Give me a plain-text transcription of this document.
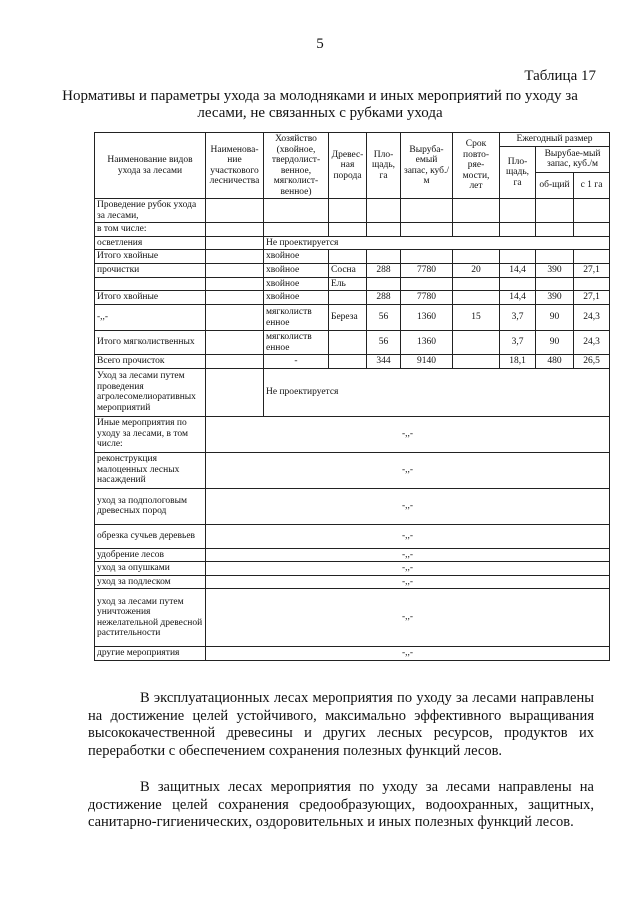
5
Таблица 17
Нормативы и параметры ухода за молодняками и иных мероприятий по уходу за лесами, не связанных с рубками ухода
Наименование видов ухода за лесами	Наименова-ние участкового лесничества	Хозяйство (хвойное, твердолист-венное, мягколист-венное)	Древес-ная порода	Пло-щадь, га	Выруба-емый запас, куб./м	Срок повто-ряе-мости, лет	Ежегодный размер		
							Пло-щадь, га	Вырубае-мый запас, куб./м	
								об-щий	с 1 га
Проведение рубок ухода за лесами,									
в том числе:									
осветления		Не проектируется							
Итого хвойные		хвойное							
прочистки		хвойное	Сосна	288	7780	20	14,4	390	27,1
		хвойное	Ель						
Итого хвойные		хвойное		288	7780		14,4	390	27,1
-,,-		мягколиств енное	Береза	56	1360	15	3,7	90	24,3
Итого мягколиственных		мягколиств енное		56	1360		3,7	90	24,3
Всего прочисток		-		344	9140		18,1	480	26,5
Уход за лесами путем проведения агролесомелиоративных мероприятий		Не проектируется							
Иные мероприятия по уходу за лесами, в том числе:	-,,-								
реконструкция малоценных лесных насаждений	-,,-								
уход за подпологовым древесных пород	-,,-								
обрезка сучьев деревьев	-,,-								
удобрение лесов	-,,-								
уход за опушками	-,,-								
уход за подлеском	-,,-								
уход за лесами путем уничтожения нежелательной древесной растительности	-,,-								
другие мероприятия	-,,-								

В эксплуатационных лесах мероприятия по уходу за лесами направлены на достижение целей устойчивого, максимально эффективного выращивания высококачественной древесины и других лесных ресурсов, продуктов их переработки с обеспечением сохранения полезных функций лесов.

В защитных лесах мероприятия по уходу за лесами направлены на достижение целей сохранения средообразующих, водоохранных, защитных, санитарно-гигиенических, оздоровительных и иных полезных функций лесов.
